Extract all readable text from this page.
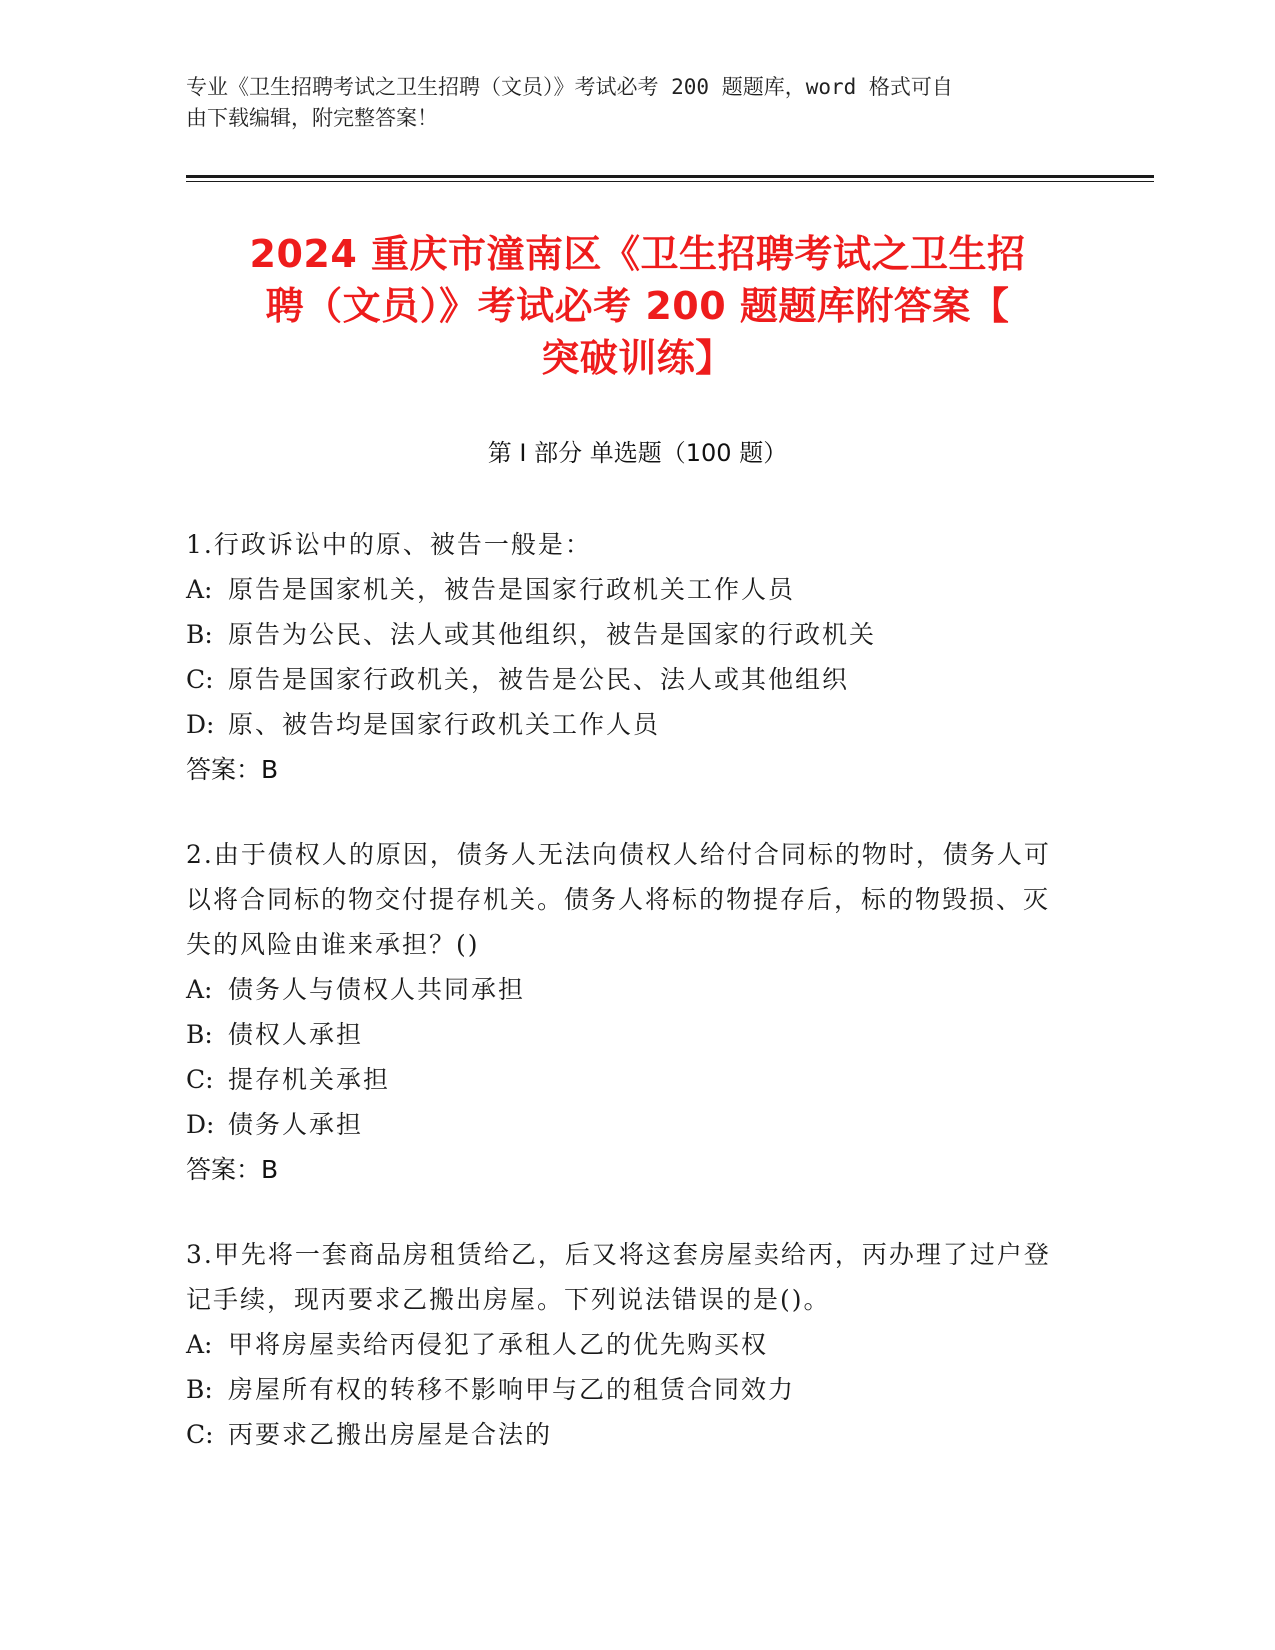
专业《卫生招聘考试之卫生招聘（文员）》考试必考 200 题题库，word 格式可自
由下载编辑，附完整答案！
2024 重庆市潼南区《卫生招聘考试之卫生招
聘（文员）》考试必考 200 题题库附答案【
突破训练】
第 I 部分 单选题（100 题）
1.行政诉讼中的原、被告一般是：
A: 原告是国家机关，被告是国家行政机关工作人员
B: 原告为公民、法人或其他组织，被告是国家的行政机关
C: 原告是国家行政机关，被告是公民、法人或其他组织
D: 原、被告均是国家行政机关工作人员
答案：B
2.由于债权人的原因，债务人无法向债权人给付合同标的物时，债务人可以将合同标的物交付提存机关。债务人将标的物提存后，标的物毁损、灭失的风险由谁来承担？()
A: 债务人与债权人共同承担
B: 债权人承担
C: 提存机关承担
D: 债务人承担
答案：B
3.甲先将一套商品房租赁给乙，后又将这套房屋卖给丙，丙办理了过户登记手续，现丙要求乙搬出房屋。下列说法错误的是()。
A: 甲将房屋卖给丙侵犯了承租人乙的优先购买权
B: 房屋所有权的转移不影响甲与乙的租赁合同效力
C: 丙要求乙搬出房屋是合法的
